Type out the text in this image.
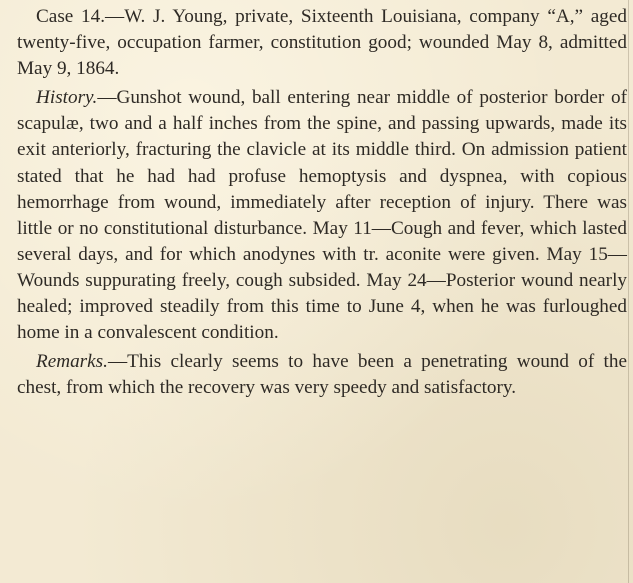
Case 14.—W. J. Young, private, Sixteenth Louisiana, company “A,” aged twenty-five, occupation farmer, constitution good; wounded May 8, admitted May 9, 1864.

History.—Gunshot wound, ball entering near middle of posterior border of scapulæ, two and a half inches from the spine, and passing upwards, made its exit anteriorly, fracturing the clavicle at its middle third. On admission patient stated that he had had profuse hemoptysis and dyspnea, with copious hemorrhage from wound, immediately after reception of injury. There was little or no constitutional disturbance. May 11—Cough and fever, which lasted several days, and for which anodynes with tr. aconite were given. May 15—Wounds suppurating freely, cough subsided. May 24—Posterior wound nearly healed; improved steadily from this time to June 4, when he was furloughed home in a convalescent condition.

Remarks.—This clearly seems to have been a penetrating wound of the chest, from which the recovery was very speedy and satisfactory.
